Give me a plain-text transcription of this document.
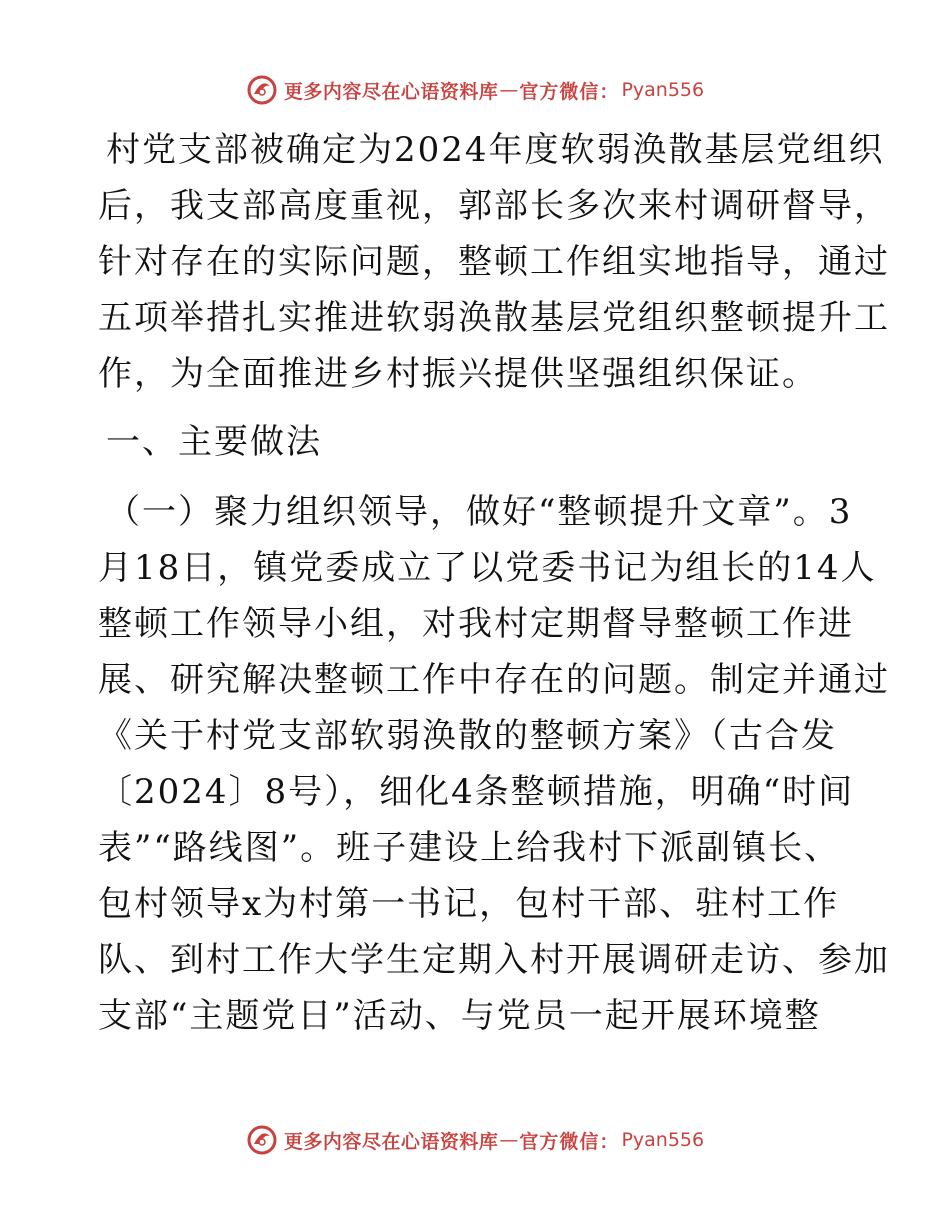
更多内容尽在心语资料库 — 官方微信： Pyan556
村党支部被确定为2024年度软弱涣散基层党组织
后，我支部高度重视，郭部长多次来村调研督导，
针对存在的实际问题，整顿工作组实地指导，通过
五项举措扎实推进软弱涣散基层党组织整顿提升工
作，为全面推进乡村振兴提供坚强组织保证。
一、主要做法
（一）聚力组织领导，做好“整顿提升文章”。3
月18日，镇党委成立了以党委书记为组长的14人
整顿工作领导小组，对我村定期督导整顿工作进
展、研究解决整顿工作中存在的问题。制定并通过
《关于村党支部软弱涣散的整顿方案》（古合发
〔2024〕8号），细化4条整顿措施，明确“时间
表”“路线图”。班子建设上给我村下派副镇长、
包村领导x为村第一书记，包村干部、驻村工作
队、到村工作大学生定期入村开展调研走访、参加
支部“主题党日”活动、与党员一起开展环境整
更多内容尽在心语资料库 — 官方微信： Pyan556
